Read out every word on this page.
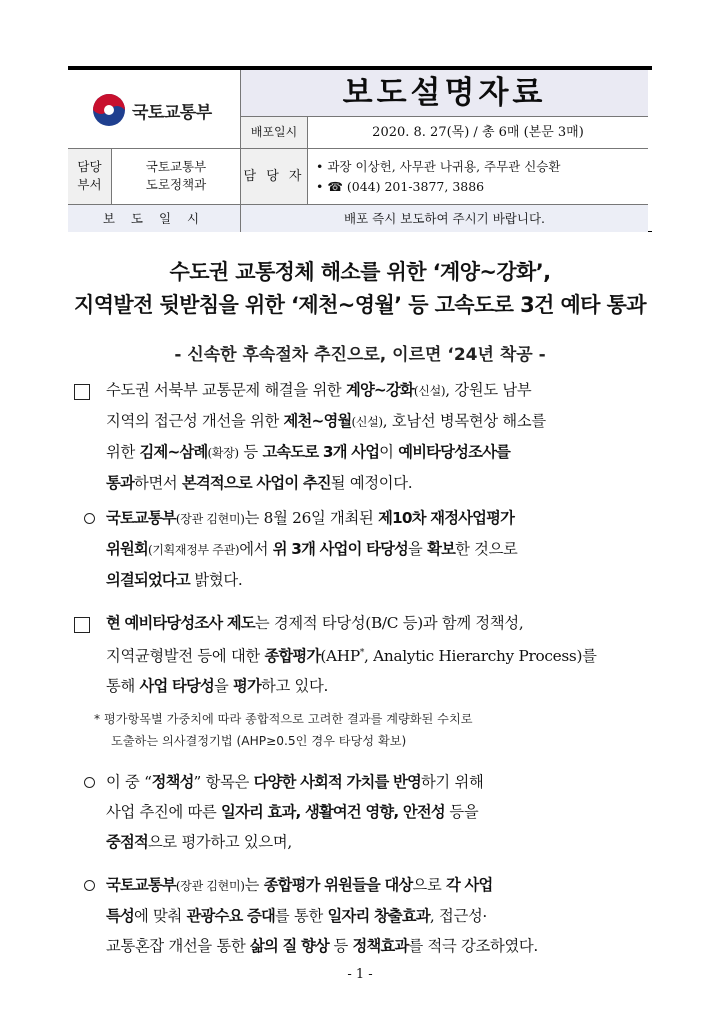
국토교통부
보도설명자료
배포일시	2020. 8. 27(목) / 총 6매 (본문 3매)
담당
부서
국토교통부
도로정책과
담 당 자
• 과장 이상헌, 사무관 나귀용, 주무관 신승환
• ☎ (044) 201-3877, 3886
보 도 일 시	배포 즉시 보도하여 주시기 바랍니다.
수도권 교통정체 해소를 위한 ‘계양~강화’,
지역발전 뒷받침을 위한 ‘제천~영월’ 등 고속도로 3건 예타 통과
- 신속한 후속절차 추진으로, 이르면 ‘24년 착공 -
수도권 서북부 교통문제 해결을 위한 계양~강화(신설), 강원도 남부
지역의 접근성 개선을 위한 제천~영월(신설), 호남선 병목현상 해소를
위한 김제~삼례(확장) 등 고속도로 3개 사업이 예비타당성조사를
통과하면서 본격적으로 사업이 추진될 예정이다.
국토교통부(장관 김현미)는 8월 26일 개최된 제10차 재정사업평가
위원회(기획재정부 주관)에서 위 3개 사업이 타당성을 확보한 것으로
의결되었다고 밝혔다.
현 예비타당성조사 제도는 경제적 타당성(B/C 등)과 함께 정책성,
지역균형발전 등에 대한 종합평가(AHP*, Analytic Hierarchy Process)를
통해 사업 타당성을 평가하고 있다.
* 평가항목별 가중치에 따라 종합적으로 고려한 결과를 계량화된 수치로
도출하는 의사결정기법 (AHP≥0.5인 경우 타당성 확보)
이 중 “정책성” 항목은 다양한 사회적 가치를 반영하기 위해
사업 추진에 따른 일자리 효과, 생활여건 영향, 안전성 등을
중점적으로 평가하고 있으며,
국토교통부(장관 김현미)는 종합평가 위원들을 대상으로 각 사업
특성에 맞춰 관광수요 증대를 통한 일자리 창출효과, 접근성·
교통혼잡 개선을 통한 삶의 질 향상 등 정책효과를 적극 강조하였다.
- 1 -
